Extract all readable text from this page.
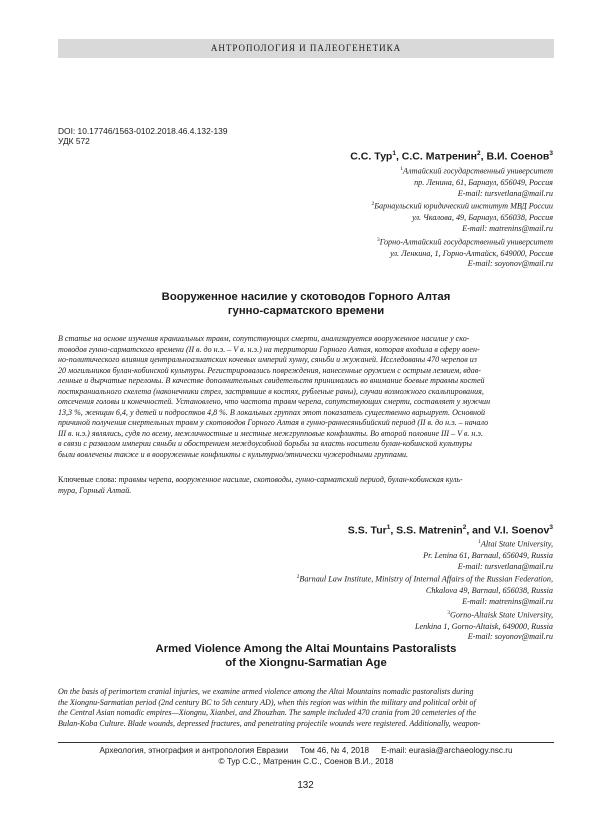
АНТРОПОЛОГИЯ И ПАЛЕОГЕНЕТИКА
DOI: 10.17746/1563-0102.2018.46.4.132-139
УДК 572
С.С. Тур$^1$, С.С. Матренин$^2$, В.И. Соенов$^3$
$^1$Алтайский государственный университет
пр. Ленина, 61, Барнаул, 656049, Россия
E-mail: tursvetlana@mail.ru
$^2$Барнаульский юридический институт МВД России
ул. Чкалова, 49, Барнаул, 656038, Россия
E-mail: matrenins@mail.ru
$^3$Горно-Алтайский государственный университет
ул. Ленкина, 1, Горно-Алтайск, 649000, Россия
E-mail: soyonov@mail.ru
Вооруженное насилие у скотоводов Горного Алтая
гунно-сарматского времени
В статье на основе изучения краниальных травм, сопутствующих смерти, анализируется вооруженное насилие у ско-
товодов гунно-сарматского времени (II в. до н.э. – V в. н.э.) на территории Горного Алтая, которая входила в сферу воен-
но-политического влияния центральноазиатских кочевых империй хунну, сяньби и жужаней. Исследованы 470 черепов из
20 могильников булан-кобинской культуры. Регистрировались повреждения, нанесенные оружием с острым лезвием, вдав-
ленные и дырчатые переломы. В качестве дополнительных свидетельств принимались во внимание боевые травмы костей
посткраниального скелета (наконечники стрел, застрявшие в костях, рубленые раны), случаи возможного скальпирования,
отсечения головы и конечностей. Установлено, что частота травм черепа, сопутствующих смерти, составляет у мужчин
13,3 %, женщин 6,4, у детей и подростков 4,8 %. В локальных группах этот показатель существенно варьирует. Основной
причиной получения смертельных травм у скотоводов Горного Алтая в гунно-раннесяньбийский период (II в. до н.э. – начало
III в. н.э.) являлись, судя по всему, межличностные и местные межгрупповые конфликты. Во второй половине III – V в. н.э.
в связи с развалом империи сяньби и обострением междоусобной борьбы за власть носители булан-кобинской культуры
были вовлечены также и в вооруженные конфликты с культурно/этнически чужеродными группами.
Ключевые слова: травмы черепа, вооруженное насилие, скотоводы, гунно-сарматский период, булан-кобинская куль-
тура, Горный Алтай.
S.S. Tur$^1$, S.S. Matrenin$^2$, and V.I. Soenov$^3$
$^1$Altai State University,
Pr. Lenina 61, Barnaul, 656049, Russia
E-mail: tursvetlana@mail.ru
$^2$Barnaul Law Institute, Ministry of Internal Affairs of the Russian Federation,
Chkalova 49, Barnaul, 656038, Russia
E-mail: matrenins@mail.ru
$^3$Gorno-Altaisk State University,
Lenkina 1, Gorno-Altaisk, 649000, Russia
E-mail: soyonov@mail.ru
Armed Violence Among the Altai Mountains Pastoralists
of the Xiongnu-Sarmatian Age
On the basis of perimortem cranial injuries, we examine armed violence among the Altai Mountains nomadic pastoralists during
the Xiongnu-Sarmatian period (2nd century BC to 5th century AD), when this region was within the military and political orbit of
the Central Asian nomadic empires—Xiongnu, Xianbei, and Zhouzhan. The sample included 470 crania from 20 cemeteries of the
Bulan-Koba Culture. Blade wounds, depressed fractures, and penetrating projectile wounds were registered. Additionally, weapon-
Археология, этнография и антропология Евразии Том 46, № 4, 2018 E-mail: eurasia@archaeology.nsc.ru
© Тур С.С., Матренин С.С., Соенов В.И., 2018
132
